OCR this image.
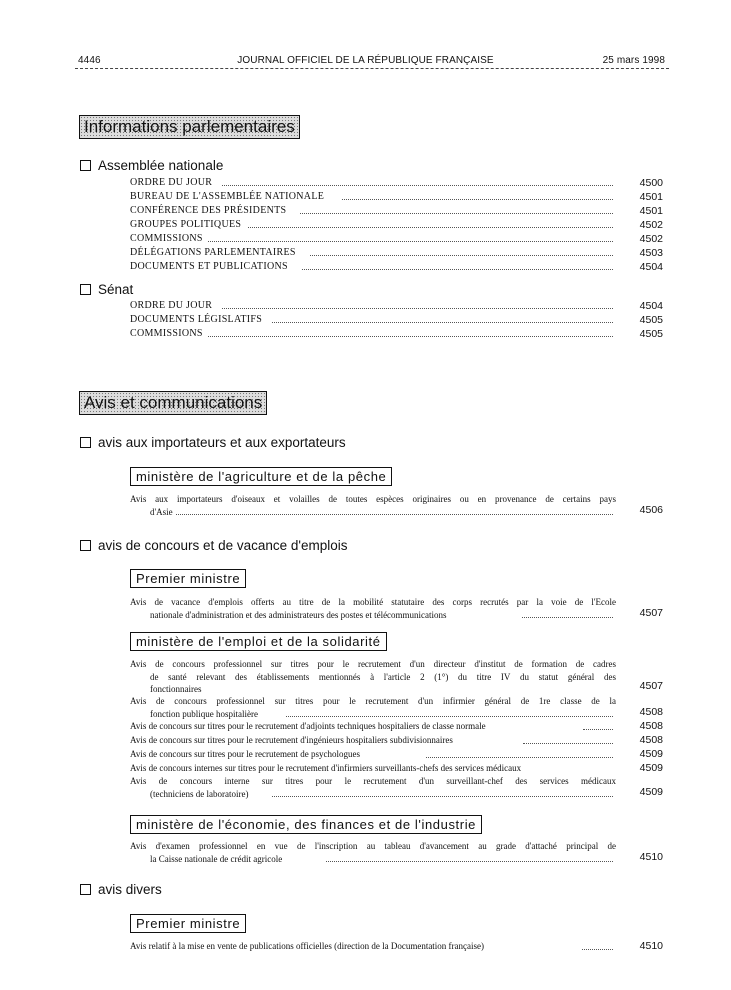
4446	JOURNAL OFFICIEL DE LA RÉPUBLIQUE FRANÇAISE	25 mars 1998
Informations parlementaires
Assemblée nationale
ORDRE DU JOUR	4500
BUREAU DE L'ASSEMBLÉE NATIONALE	4501
CONFÉRENCE DES PRÉSIDENTS	4501
GROUPES POLITIQUES	4502
COMMISSIONS	4502
DÉLÉGATIONS PARLEMENTAIRES	4503
DOCUMENTS ET PUBLICATIONS	4504
Sénat
ORDRE DU JOUR	4504
DOCUMENTS LÉGISLATIFS	4505
COMMISSIONS	4505
Avis et communications
avis aux importateurs et aux exportateurs
ministère de l'agriculture et de la pêche
Avis aux importateurs d'oiseaux et volailles de toutes espèces originaires ou en provenance de certains pays
d'Asie	4506
avis de concours et de vacance d'emplois
Premier ministre
Avis de vacance d'emplois offerts au titre de la mobilité statutaire des corps recrutés par la voie de l'Ecole
nationale d'administration et des administrateurs des postes et télécommunications	4507
ministère de l'emploi et de la solidarité
Avis de concours professionnel sur titres pour le recrutement d'un directeur d'institut de formation de cadres
de santé relevant des établissements mentionnés à l'article 2 (1°) du titre IV du statut général des
fonctionnaires	4507
Avis de concours professionnel sur titres pour le recrutement d'un infirmier général de 1re classe de la
fonction publique hospitalière	4508
Avis de concours sur titres pour le recrutement d'adjoints techniques hospitaliers de classe normale	4508
Avis de concours sur titres pour le recrutement d'ingénieurs hospitaliers subdivisionnaires	4508
Avis de concours sur titres pour le recrutement de psychologues	4509
Avis de concours internes sur titres pour le recrutement d'infirmiers surveillants-chefs des services médicaux	4509
Avis de concours interne sur titres pour le recrutement d'un surveillant-chef des services médicaux
(techniciens de laboratoire)	4509
ministère de l'économie, des finances et de l'industrie
Avis d'examen professionnel en vue de l'inscription au tableau d'avancement au grade d'attaché principal de
la Caisse nationale de crédit agricole	4510
avis divers
Premier ministre
Avis relatif à la mise en vente de publications officielles (direction de la Documentation française)	4510
